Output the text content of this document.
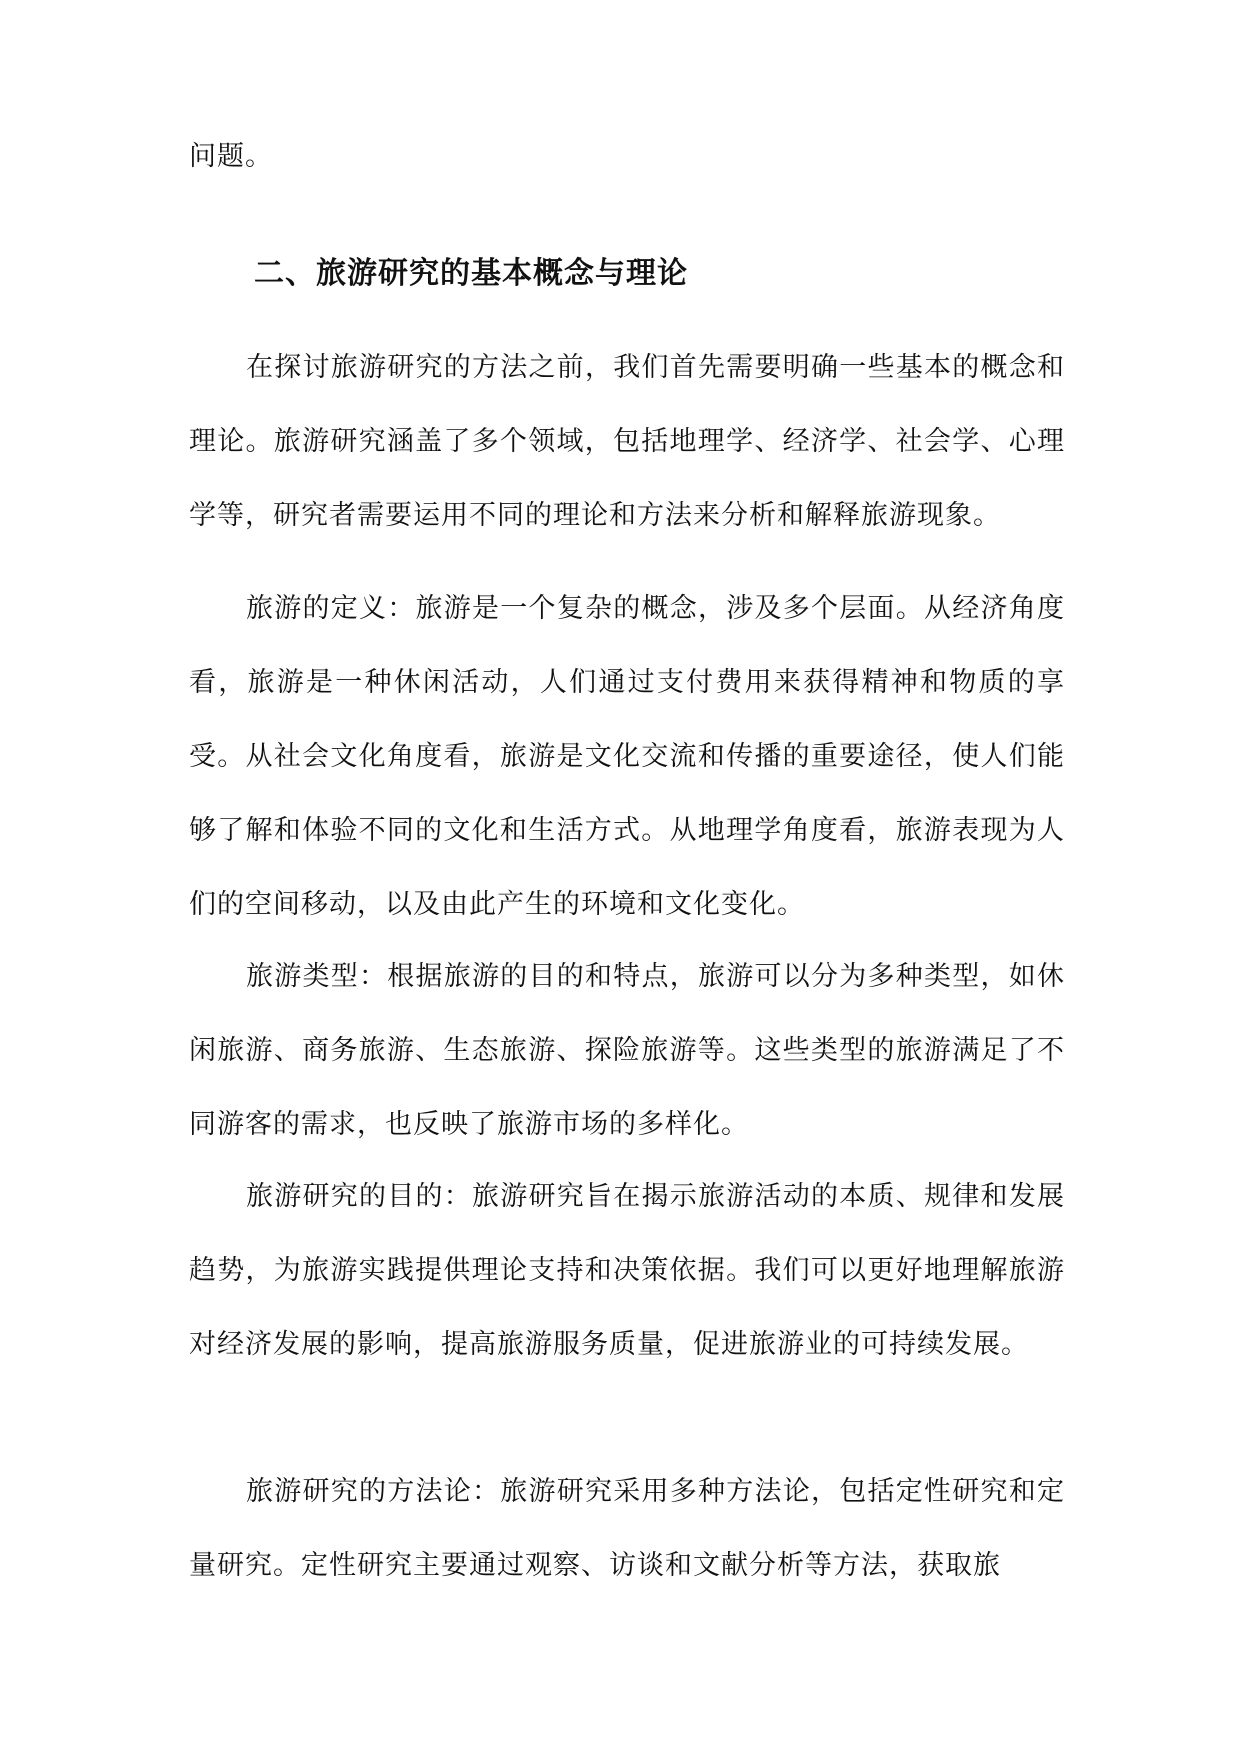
问题。

二、旅游研究的基本概念与理论

在探讨旅游研究的方法之前，我们首先需要明确一些基本的概念和理论。旅游研究涵盖了多个领域，包括地理学、经济学、社会学、心理学等，研究者需要运用不同的理论和方法来分析和解释旅游现象。

旅游的定义：旅游是一个复杂的概念，涉及多个层面。从经济角度看，旅游是一种休闲活动，人们通过支付费用来获得精神和物质的享受。从社会文化角度看，旅游是文化交流和传播的重要途径，使人们能够了解和体验不同的文化和生活方式。从地理学角度看，旅游表现为人们的空间移动，以及由此产生的环境和文化变化。

旅游类型：根据旅游的目的和特点，旅游可以分为多种类型，如休闲旅游、商务旅游、生态旅游、探险旅游等。这些类型的旅游满足了不同游客的需求，也反映了旅游市场的多样化。

旅游研究的目的：旅游研究旨在揭示旅游活动的本质、规律和发展趋势，为旅游实践提供理论支持和决策依据。我们可以更好地理解旅游对经济发展的影响，提高旅游服务质量，促进旅游业的可持续发展。

旅游研究的方法论：旅游研究采用多种方法论，包括定性研究和定量研究。定性研究主要通过观察、访谈和文献分析等方法，获取旅
